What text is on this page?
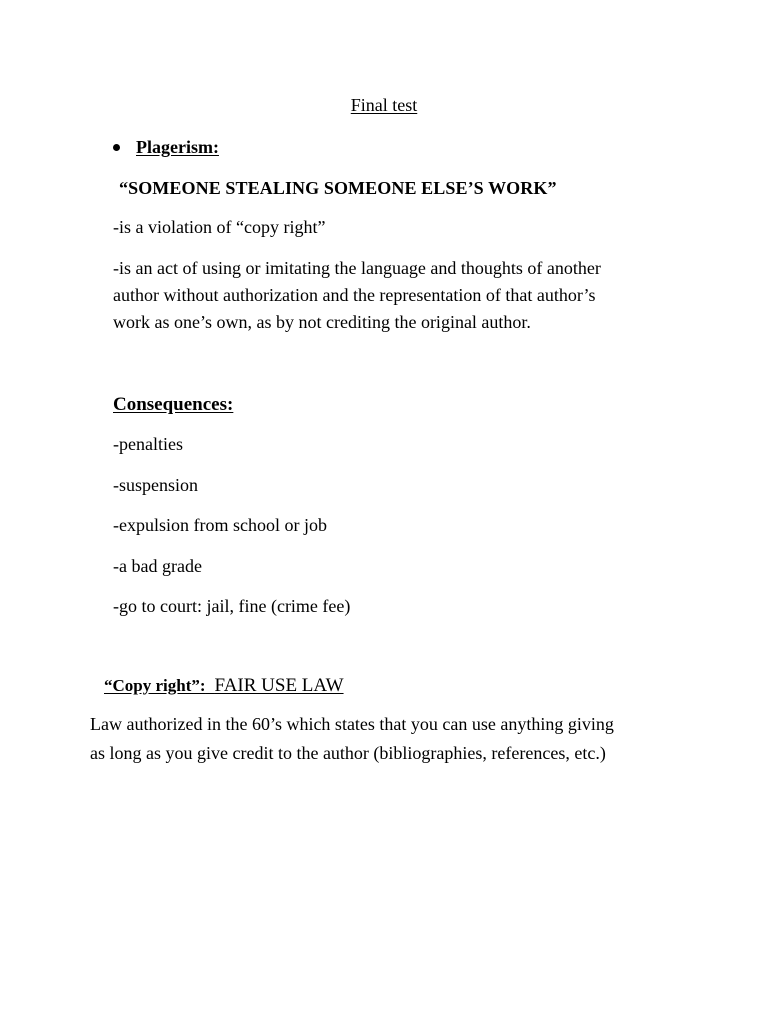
Final test
Plagerism:
“SOMEONE STEALING SOMEONE ELSE’S WORK”
-is a violation of “copy right”
-is an act of using or imitating the language and thoughts of another
author without authorization and the representation of that author’s
work as one’s own, as by not crediting the original author.
Consequences:
-penalties
-suspension
-expulsion from school or job
-a bad grade
-go to court: jail, fine (crime fee)
“Copy right”: FAIR USE LAW
Law authorized in the 60’s which states that you can use anything giving
as long as you give credit to the author (bibliographies, references, etc.)
